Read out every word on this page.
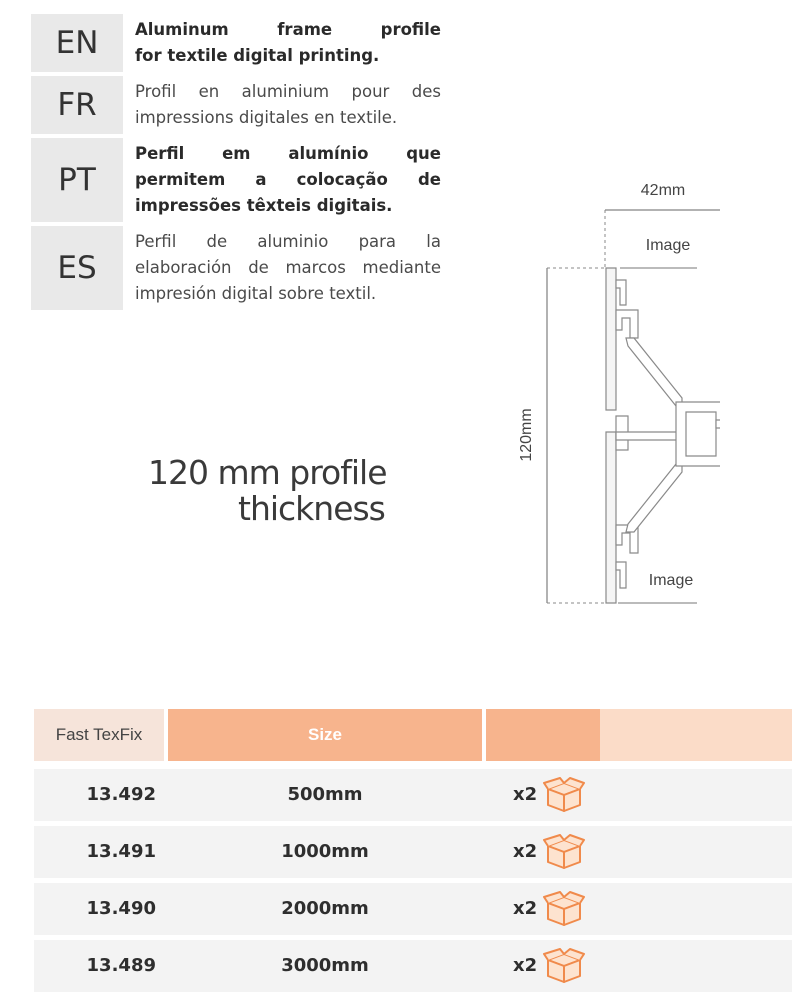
EN	Aluminum frame profile
for textile digital printing.
FR	Profil en aluminium pour des
impressions digitales en textile.
PT
Perfil em alumínio que
permitem a colocação de
impressões têxteis digitais.
ES
Perfil de aluminio para la
elaboración de marcos mediante
impresión digital sobre textil.
120 mm profile
thickness
42mm
120mm
Image
Image
Fast TexFix	Size
13.492	500mm	x2
13.491	1000mm	x2
13.490	2000mm	x2
13.489	3000mm	x2
